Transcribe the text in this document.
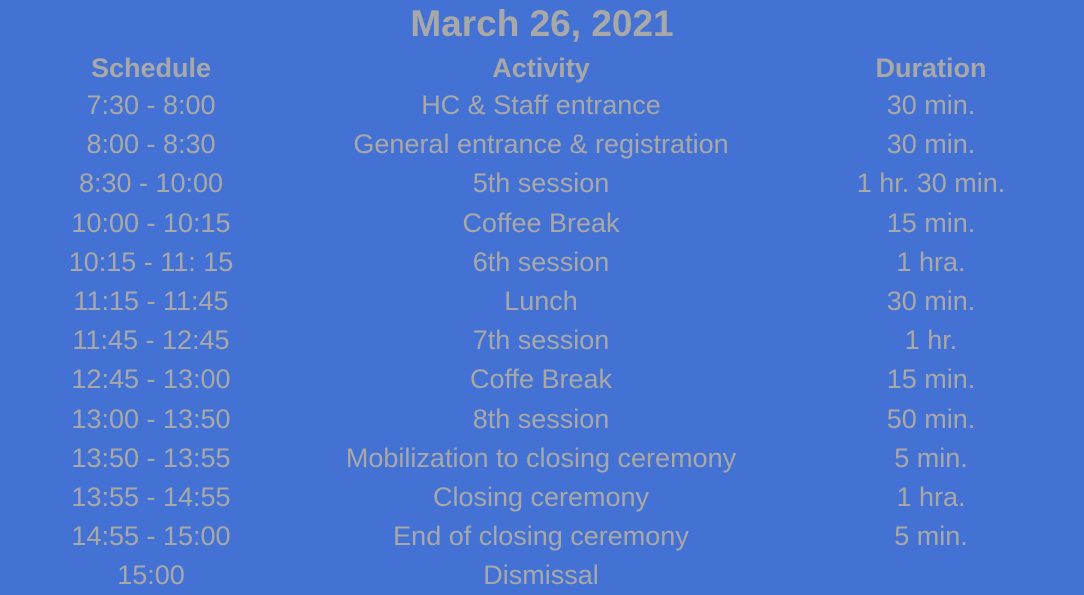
March 26, 2021
Schedule	Activity	Duration
7:30 - 8:00	HC & Staff entrance	30 min.
8:00 - 8:30	General entrance & registration	30 min.
8:30 - 10:00	5th session	1 hr. 30 min.
10:00 - 10:15	Coffee Break	15 min.
10:15 - 11: 15	6th session	1 hra.
11:15 - 11:45	Lunch	30 min.
11:45 - 12:45	7th session	1 hr.
12:45 - 13:00	Coffe Break	15 min.
13:00 - 13:50	8th session	50 min.
13:50 - 13:55	Mobilization to closing ceremony	5 min.
13:55 - 14:55	Closing ceremony	1 hra.
14:55 - 15:00	End of closing ceremony	5 min.
15:00	Dismissal
